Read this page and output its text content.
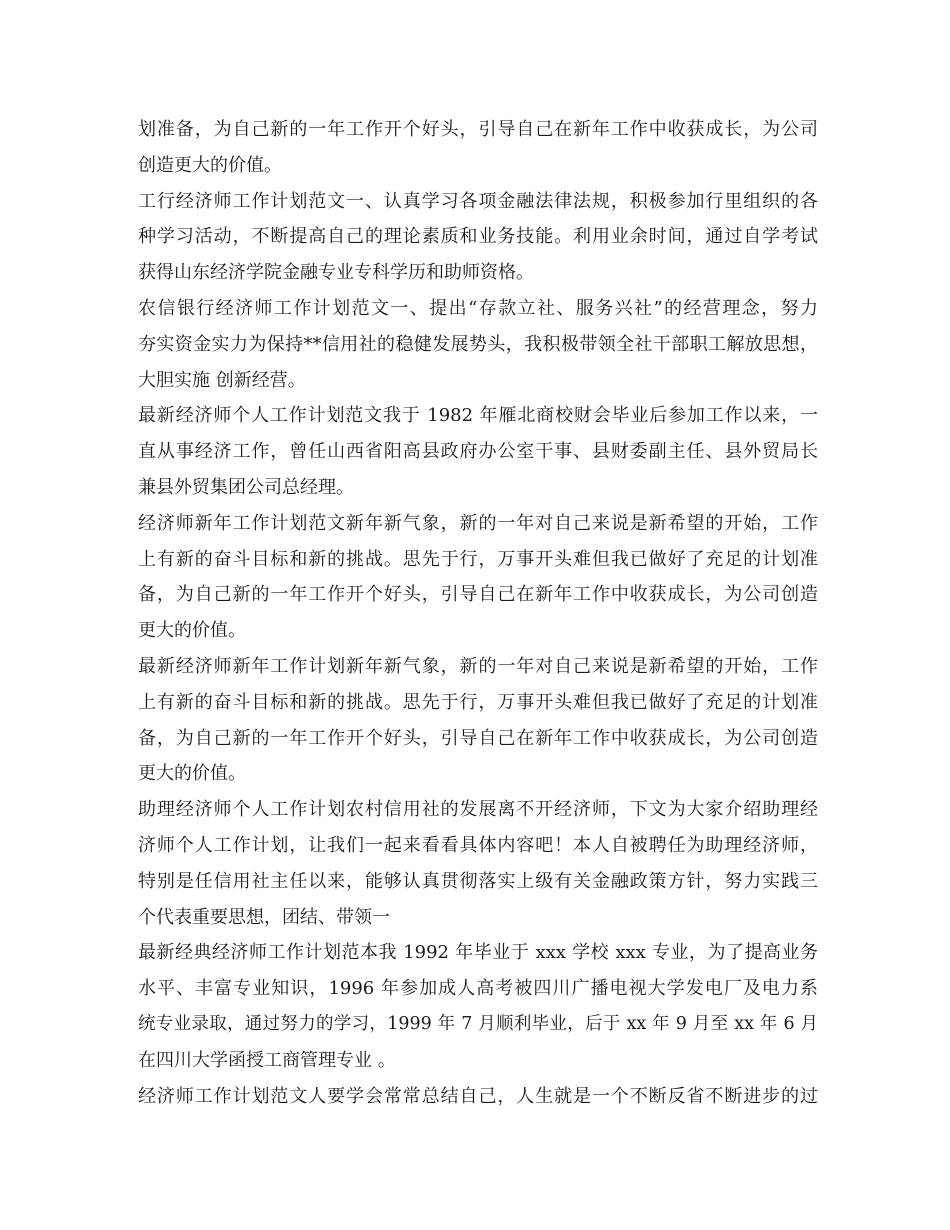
划准备，为自己新的一年工作开个好头，引导自己在新年工作中收获成长，为公司
创造更大的价值。
工行经济师工作计划范文一、认真学习各项金融法律法规，积极参加行里组织的各
种学习活动，不断提高自己的理论素质和业务技能。利用业余时间，通过自学考试
获得山东经济学院金融专业专科学历和助师资格。
农信银行经济师工作计划范文一、提出“存款立社、服务兴社”的经营理念，努力
夯实资金实力为保持**信用社的稳健发展势头，我积极带领全社干部职工解放思想，
大胆实施 创新经营。
最新经济师个人工作计划范文我于 1982 年雁北商校财会毕业后参加工作以来，一
直从事经济工作，曾任山西省阳高县政府办公室干事、县财委副主任、县外贸局长
兼县外贸集团公司总经理。
经济师新年工作计划范文新年新气象，新的一年对自己来说是新希望的开始，工作
上有新的奋斗目标和新的挑战。思先于行，万事开头难但我已做好了充足的计划准
备，为自己新的一年工作开个好头，引导自己在新年工作中收获成长，为公司创造
更大的价值。
最新经济师新年工作计划新年新气象，新的一年对自己来说是新希望的开始，工作
上有新的奋斗目标和新的挑战。思先于行，万事开头难但我已做好了充足的计划准
备，为自己新的一年工作开个好头，引导自己在新年工作中收获成长，为公司创造
更大的价值。
助理经济师个人工作计划农村信用社的发展离不开经济师，下文为大家介绍助理经
济师个人工作计划，让我们一起来看看具体内容吧！本人自被聘任为助理经济师，
特别是任信用社主任以来，能够认真贯彻落实上级有关金融政策方针，努力实践三
个代表重要思想，团结、带领一
最新经典经济师工作计划范本我 1992 年毕业于 xxx 学校 xxx 专业，为了提高业务
水平、丰富专业知识，1996 年参加成人高考被四川广播电视大学发电厂及电力系
统专业录取，通过努力的学习，1999 年 7 月顺利毕业，后于 xx 年 9 月至 xx 年 6 月
在四川大学函授工商管理专业 。
经济师工作计划范文人要学会常常总结自己，人生就是一个不断反省不断进步的过
